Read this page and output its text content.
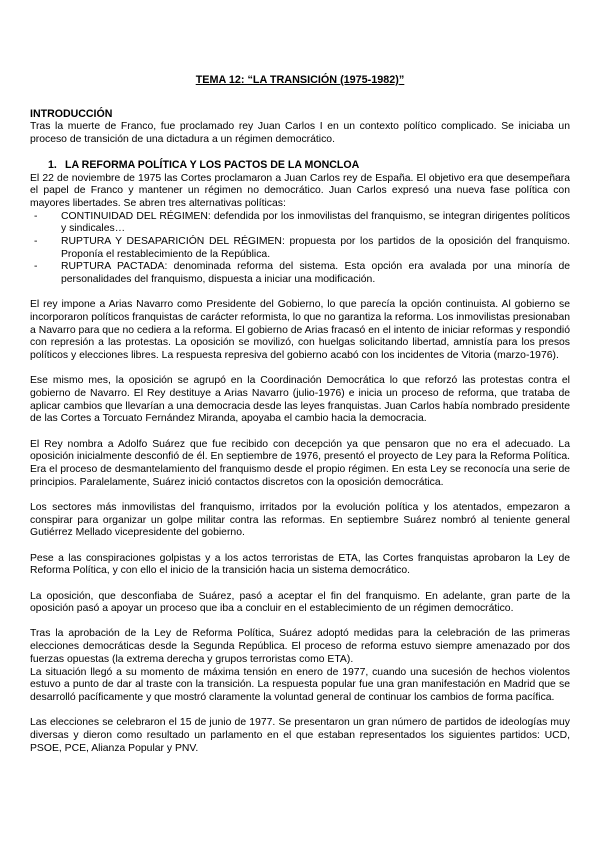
TEMA 12: “LA TRANSICIÓN (1975-1982)”
INTRODUCCIÓN

Tras la muerte de Franco, fue proclamado rey Juan Carlos I en un contexto político complicado. Se iniciaba un proceso de transición de una dictadura a un régimen democrático.

1. LA REFORMA POLÍTICA Y LOS PACTOS DE LA MONCLOA

El 22 de noviembre de 1975 las Cortes proclamaron a Juan Carlos rey de España. El objetivo era que desempeñara el papel de Franco y mantener un régimen no democrático. Juan Carlos expresó una nueva fase política con mayores libertades. Se abren tres alternativas políticas:

- CONTINUIDAD DEL RÉGIMEN: defendida por los inmovilistas del franquismo, se integran dirigentes políticos y sindicales…
- RUPTURA Y DESAPARICIÓN DEL RÉGIMEN: propuesta por los partidos de la oposición del franquismo. Proponía el restablecimiento de la República.
- RUPTURA PACTADA: denominada reforma del sistema. Esta opción era avalada por una minoría de personalidades del franquismo, dispuesta a iniciar una modificación.

El rey impone a Arias Navarro como Presidente del Gobierno, lo que parecía la opción continuista. Al gobierno se incorporaron políticos franquistas de carácter reformista, lo que no garantiza la reforma. Los inmovilistas presionaban a Navarro para que no cediera a la reforma. El gobierno de Arias fracasó en el intento de iniciar reformas y respondió con represión a las protestas. La oposición se movilizó, con huelgas solicitando libertad, amnistía para los presos políticos y elecciones libres. La respuesta represiva del gobierno acabó con los incidentes de Vitoria (marzo-1976).

Ese mismo mes, la oposición se agrupó en la Coordinación Democrática lo que reforzó las protestas contra el gobierno de Navarro. El Rey destituye a Arias Navarro (julio-1976) e inicia un proceso de reforma, que trataba de aplicar cambios que llevarían a una democracia desde las leyes franquistas. Juan Carlos había nombrado presidente de las Cortes a Torcuato Fernández Miranda, apoyaba el cambio hacia la democracia.

El Rey nombra a Adolfo Suárez que fue recibido con decepción ya que pensaron que no era el adecuado. La oposición inicialmente desconfió de él. En septiembre de 1976, presentó el proyecto de Ley para la Reforma Política. Era el proceso de desmantelamiento del franquismo desde el propio régimen. En esta Ley se reconocía una serie de principios. Paralelamente, Suárez inició contactos discretos con la oposición democrática.

Los sectores más inmovilistas del franquismo, irritados por la evolución política y los atentados, empezaron a conspirar para organizar un golpe militar contra las reformas. En septiembre Suárez nombró al teniente general Gutiérrez Mellado vicepresidente del gobierno.

Pese a las conspiraciones golpistas y a los actos terroristas de ETA, las Cortes franquistas aprobaron la Ley de Reforma Política, y con ello el inicio de la transición hacia un sistema democrático.

La oposición, que desconfiaba de Suárez, pasó a aceptar el fin del franquismo. En adelante, gran parte de la oposición pasó a apoyar un proceso que iba a concluir en el establecimiento de un régimen democrático.

Tras la aprobación de la Ley de Reforma Política, Suárez adoptó medidas para la celebración de las primeras elecciones democráticas desde la Segunda República. El proceso de reforma estuvo siempre amenazado por dos fuerzas opuestas (la extrema derecha y grupos terroristas como ETA).

La situación llegó a su momento de máxima tensión en enero de 1977, cuando una sucesión de hechos violentos estuvo a punto de dar al traste con la transición. La respuesta popular fue una gran manifestación en Madrid que se desarrolló pacíficamente y que mostró claramente la voluntad general de continuar los cambios de forma pacífica.

Las elecciones se celebraron el 15 de junio de 1977. Se presentaron un gran número de partidos de ideologías muy diversas y dieron como resultado un parlamento en el que estaban representados los siguientes partidos: UCD, PSOE, PCE, Alianza Popular y PNV.
